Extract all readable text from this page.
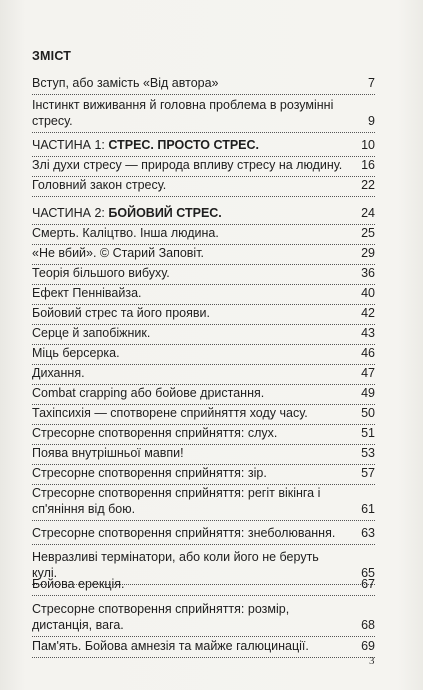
ЗМІСТ
Вступ, або замість «Від автора»	7
Інстинкт виживання й головна проблема в розумінні стресу.	9
ЧАСТИНА 1: СТРЕС. ПРОСТО СТРЕС.	10
Злі духи стресу — природа впливу стресу на людину.	16
Головний закон стресу.	22
ЧАСТИНА 2: БОЙОВИЙ СТРЕС.	24
Смерть. Каліцтво. Інша людина.	25
«Не вбий». © Старий Заповіт.	29
Теорія більшого вибуху.	36
Ефект Пеннівайза.	40
Бойовий стрес та його прояви.	42
Серце й запобіжник.	43
Міць берсерка.	46
Дихання.	47
Combat crapping або бойове дристання.	49
Тахіпсихія — спотворене сприйняття ходу часу.	50
Стресорне спотворення сприйняття: слух.	51
Поява внутрішньої мавпи!	53
Стресорне спотворення сприйняття: зір.	57
Стресорне спотворення сприйняття: регіт вікінга і сп'яніння від бою.	61
Стресорне спотворення сприйняття: знеболювання.	63
Невразливі термінатори, або коли його не беруть кулі.	65
Бойова ерекція.	67
Стресорне спотворення сприйняття: розмір, дистанція, вага.	68
Пам'ять. Бойова амнезія та майже галюцинації.	69
3
